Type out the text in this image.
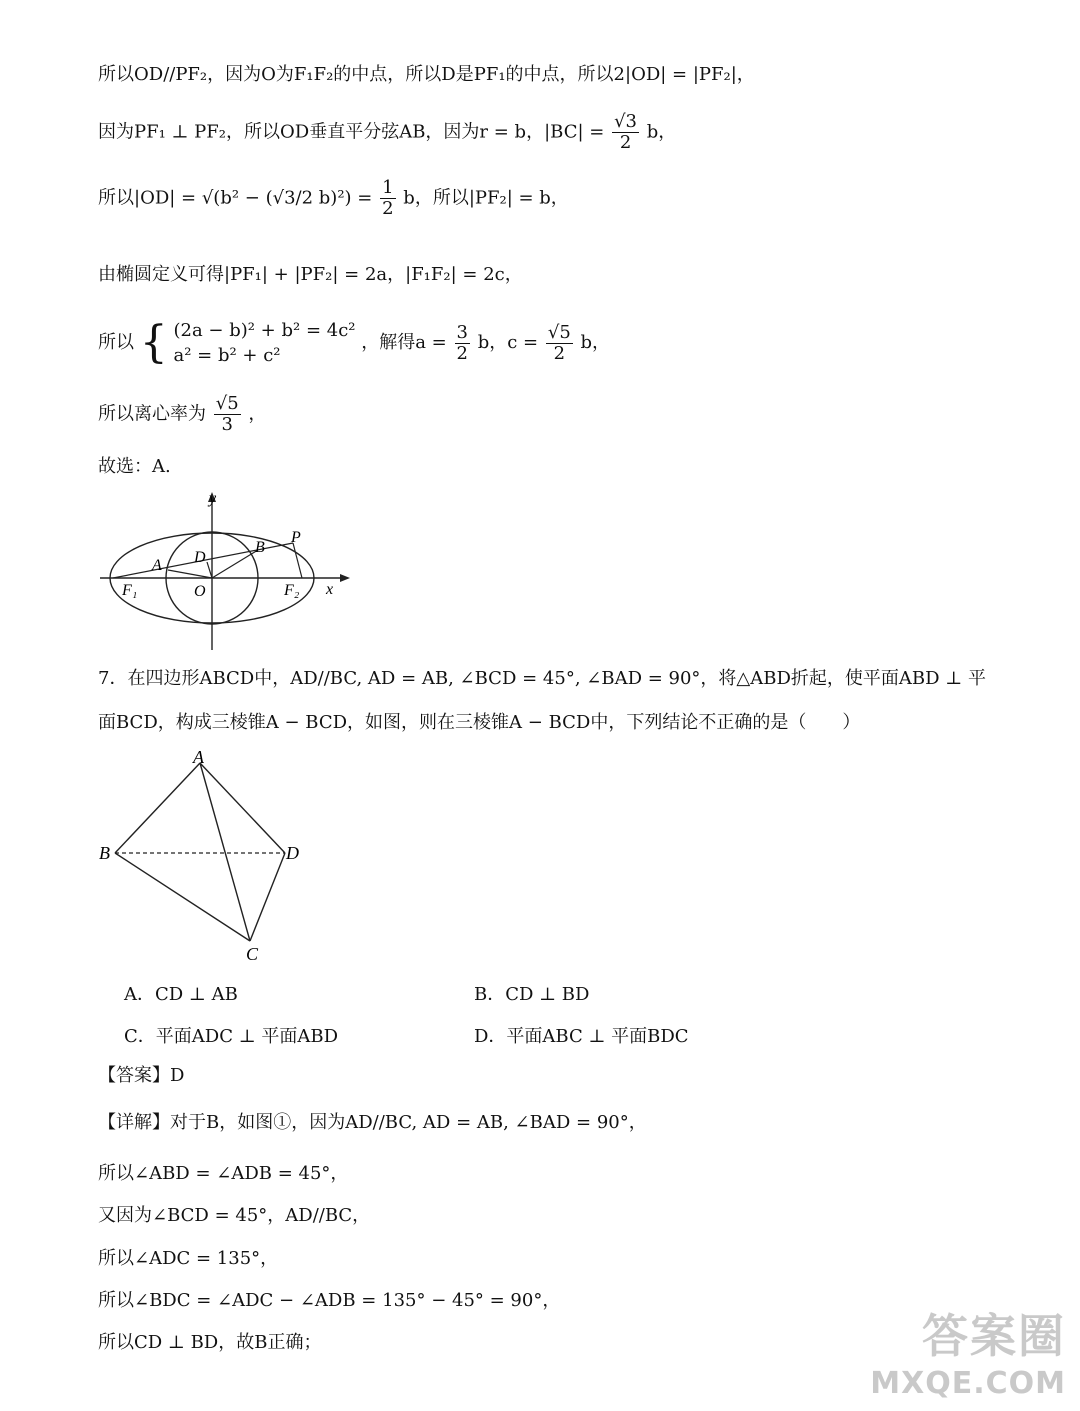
所以OD//PF₂，因为O为F₁F₂的中点，所以D是PF₁的中点，所以2|OD| = |PF₂|，
因为PF₁ ⊥ PF₂，所以OD垂直平分弦AB，因为r = b，$|BC| = \frac{√3}{2}$ b，
所以|OD| = √(b² − (√3/2 $b)^2) = \frac{1}{2}$ b，所以|PF₂| = b，
由椭圆定义可得|PF₁| + |PF₂| = 2a，|F₁F₂| = 2c，
所以 { (2a − b)² + b² = 4c²
a² = b² + c²
，解得$a = \frac{3}{2}$ b，$c = \frac{√5}{2}$ b，
所以离心率为 $\frac{√5}{3}$ ，
故选：A.
y
x
A
B
D
P
O
F₁	F₂
7．在四边形ABCD中，AD//BC, AD = AB, ∠BCD = 45°, ∠BAD = 90°，将△ABD折起，使平面ABD ⊥ 平
面BCD，构成三棱锥A − BCD，如图，则在三棱锥A − BCD中，下列结论不正确的是（　　）
A
B
C
D
A．CD ⊥ AB	B．CD ⊥ BD
C．平面ADC ⊥ 平面ABD	D．平面ABC ⊥ 平面BDC
【答案】D
【详解】对于B，如图①，因为AD//BC, AD = AB, ∠BAD = 90°，
所以∠ABD = ∠ADB = 45°，
又因为∠BCD = 45°，AD//BC，
所以∠ADC = 135°，
所以∠BDC = ∠ADC − ∠ADB = 135° − 45° = 90°，
所以CD ⊥ BD，故B正确；	答案圈
MXQE.COM
